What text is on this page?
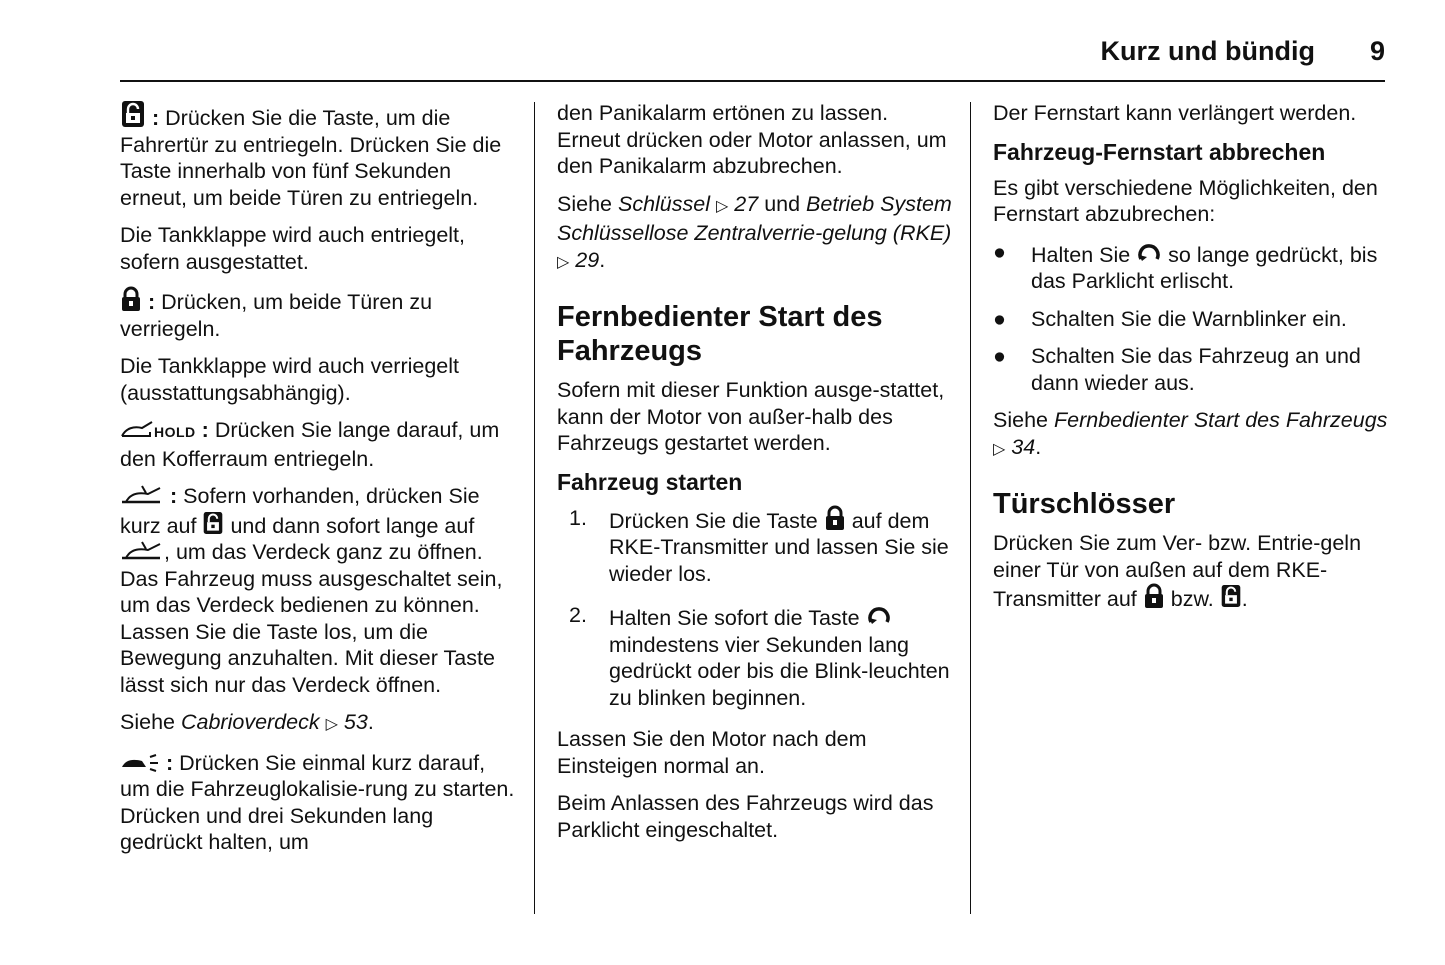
Kurz und bündig 9

: Drücken Sie die Taste, um die Fahrertür zu entriegeln. Drücken Sie die Taste innerhalb von fünf Sekunden erneut, um beide Türen zu entriegeln.

Die Tankklappe wird auch entriegelt, sofern ausgestattet.

: Drücken, um beide Türen zu verriegeln.

Die Tankklappe wird auch verriegelt (ausstattungsabhängig).

HOLD : Drücken Sie lange darauf, um den Kofferraum entriegeln.

: Sofern vorhanden, drücken Sie kurz auf und dann sofort lange auf , um das Verdeck ganz zu öffnen. Das Fahrzeug muss ausgeschaltet sein, um das Verdeck bedienen zu können. Lassen Sie die Taste los, um die Bewegung anzuhalten. Mit dieser Taste lässt sich nur das Verdeck öffnen.

Siehe Cabrioverdeck ▷ 53.

: Drücken Sie einmal kurz darauf, um die Fahrzeuglokalisie-rung zu starten. Drücken und drei Sekunden lang gedrückt halten, um

den Panikalarm ertönen zu lassen. Erneut drücken oder Motor anlassen, um den Panikalarm abzubrechen.

Siehe Schlüssel ▷ 27 und Betrieb System Schlüssellose Zentralverrie-gelung (RKE) ▷ 29.

Fernbedienter Start des Fahrzeugs

Sofern mit dieser Funktion ausge-stattet, kann der Motor von außer-halb des Fahrzeugs gestartet werden.

Fahrzeug starten
1. Drücken Sie die Taste auf dem RKE-Transmitter und lassen Sie sie wieder los.
2. Halten Sie sofort die Taste  mindestens vier Sekunden lang gedrückt oder bis die Blink-leuchten zu blinken beginnen.

Lassen Sie den Motor nach dem Einsteigen normal an.

Beim Anlassen des Fahrzeugs wird das Parklicht eingeschaltet.

Der Fernstart kann verlängert werden.

Fahrzeug-Fernstart abbrechen

Es gibt verschiedene Möglichkeiten, den Fernstart abzubrechen:

● Halten Sie so lange gedrückt, bis das Parklicht erlischt.
● Schalten Sie die Warnblinker ein.
● Schalten Sie das Fahrzeug an und dann wieder aus.

Siehe Fernbedienter Start des Fahrzeugs ▷ 34.

Türschlösser

Drücken Sie zum Ver- bzw. Entrie-geln einer Tür von außen auf dem RKE-Transmitter auf bzw. .
